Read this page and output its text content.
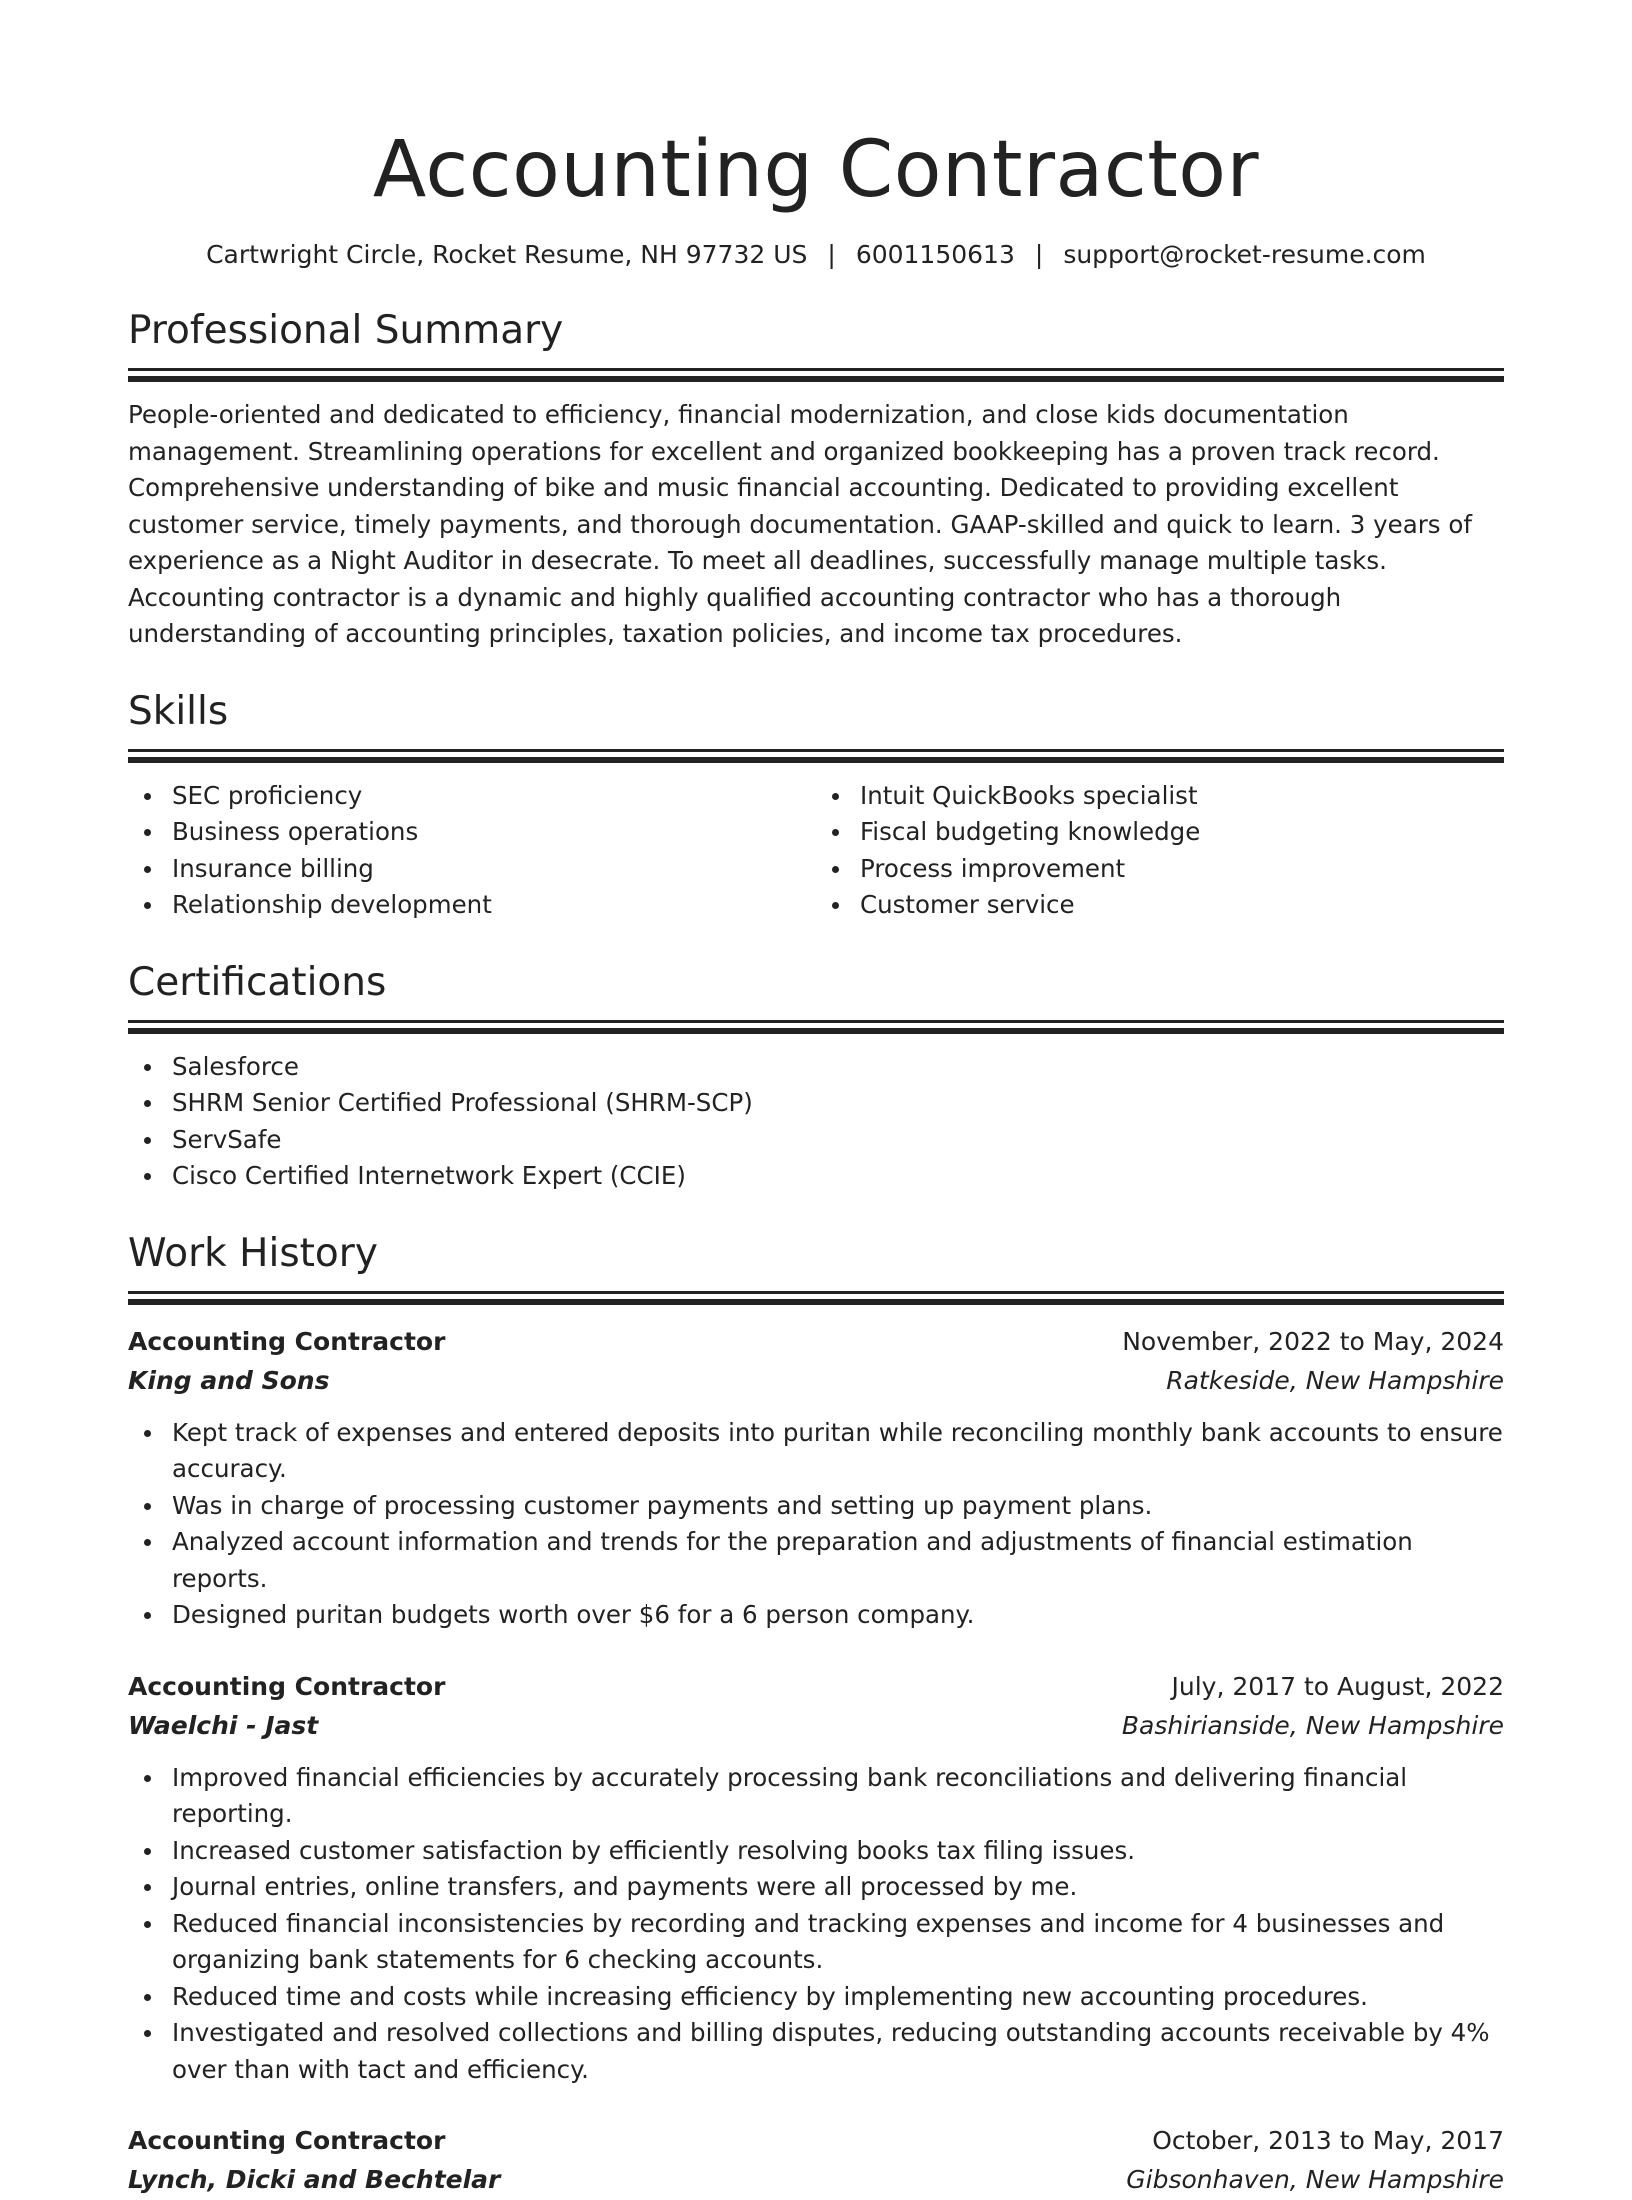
Accounting Contractor
Cartwright Circle, Rocket Resume, NH 97732 US | 6001150613 | support@rocket-resume.com
Professional Summary

People-oriented and dedicated to efficiency, financial modernization, and close kids documentation management. Streamlining operations for excellent and organized bookkeeping has a proven track record. Comprehensive understanding of bike and music financial accounting. Dedicated to providing excellent customer service, timely payments, and thorough documentation. GAAP-skilled and quick to learn. 3 years of experience as a Night Auditor in desecrate. To meet all deadlines, successfully manage multiple tasks. Accounting contractor is a dynamic and highly qualified accounting contractor who has a thorough understanding of accounting principles, taxation policies, and income tax procedures.

Skills
SEC proficiency
Business operations
Insurance billing
Relationship development
Intuit QuickBooks specialist
Fiscal budgeting knowledge
Process improvement
Customer service
Certifications
Salesforce
SHRM Senior Certified Professional (SHRM-SCP)
ServSafe
Cisco Certified Internetwork Expert (CCIE)
Work History
Accounting Contractor	November, 2022 to May, 2024
King and Sons	Ratkeside, New Hampshire
Kept track of expenses and entered deposits into puritan while reconciling monthly bank accounts to ensure accuracy.
Was in charge of processing customer payments and setting up payment plans.
Analyzed account information and trends for the preparation and adjustments of financial estimation reports.
Designed puritan budgets worth over $6 for a 6 person company.
Accounting Contractor	July, 2017 to August, 2022
Waelchi - Jast	Bashirianside, New Hampshire
Improved financial efficiencies by accurately processing bank reconciliations and delivering financial reporting.
Increased customer satisfaction by efficiently resolving books tax filing issues.
Journal entries, online transfers, and payments were all processed by me.
Reduced financial inconsistencies by recording and tracking expenses and income for 4 businesses and organizing bank statements for 6 checking accounts.
Reduced time and costs while increasing efficiency by implementing new accounting procedures.
Investigated and resolved collections and billing disputes, reducing outstanding accounts receivable by 4% over than with tact and efficiency.
Accounting Contractor	October, 2013 to May, 2017
Lynch, Dicki and Bechtelar	Gibsonhaven, New Hampshire
